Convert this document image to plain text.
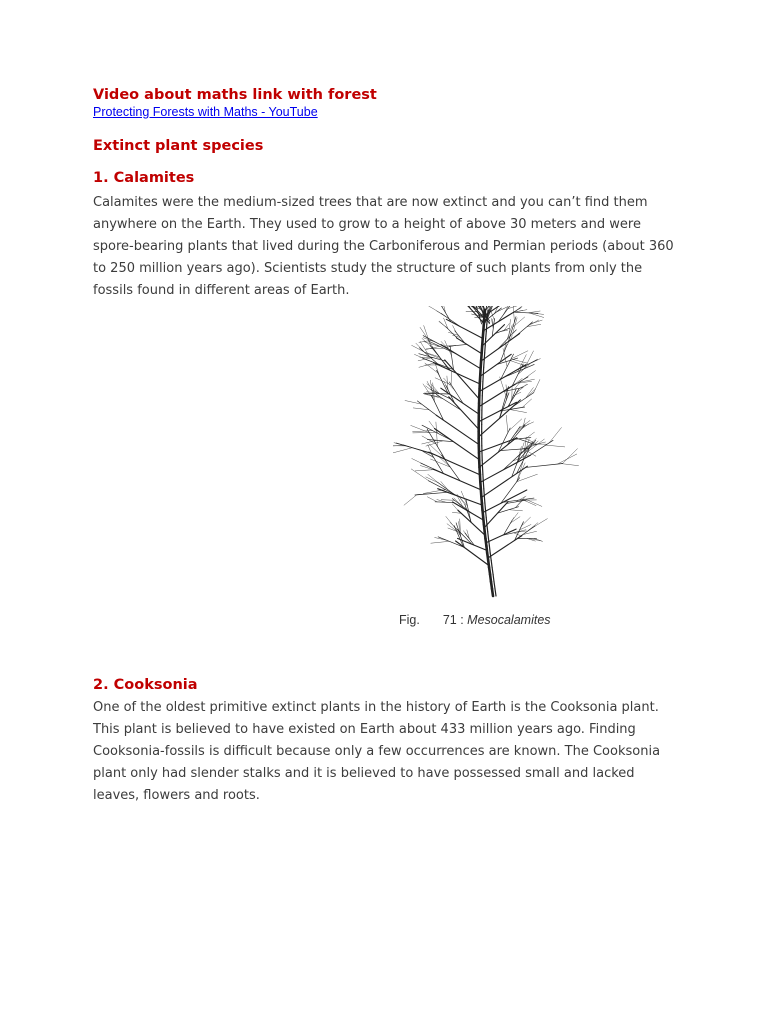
Video about maths link with forest
Protecting Forests with Maths - YouTube
Extinct plant species
1. Calamites

Calamites were the medium-sized trees that are now extinct and you can’t find them anywhere on the Earth. They used to grow to a height of above 30 meters and were spore-bearing plants that lived during the Carboniferous and Permian periods (about 360 to 250 million years ago). Scientists study the structure of such plants from only the fossils found in different areas of Earth.

Fig. 71 : Mesocalamites
2. Cooksonia

One of the oldest primitive extinct plants in the history of Earth is the Cooksonia plant. This plant is believed to have existed on Earth about 433 million years ago. Finding Cooksonia-fossils is difficult because only a few occurrences are known. The Cooksonia plant only had slender stalks and it is believed to have possessed small and lacked leaves, flowers and roots.
